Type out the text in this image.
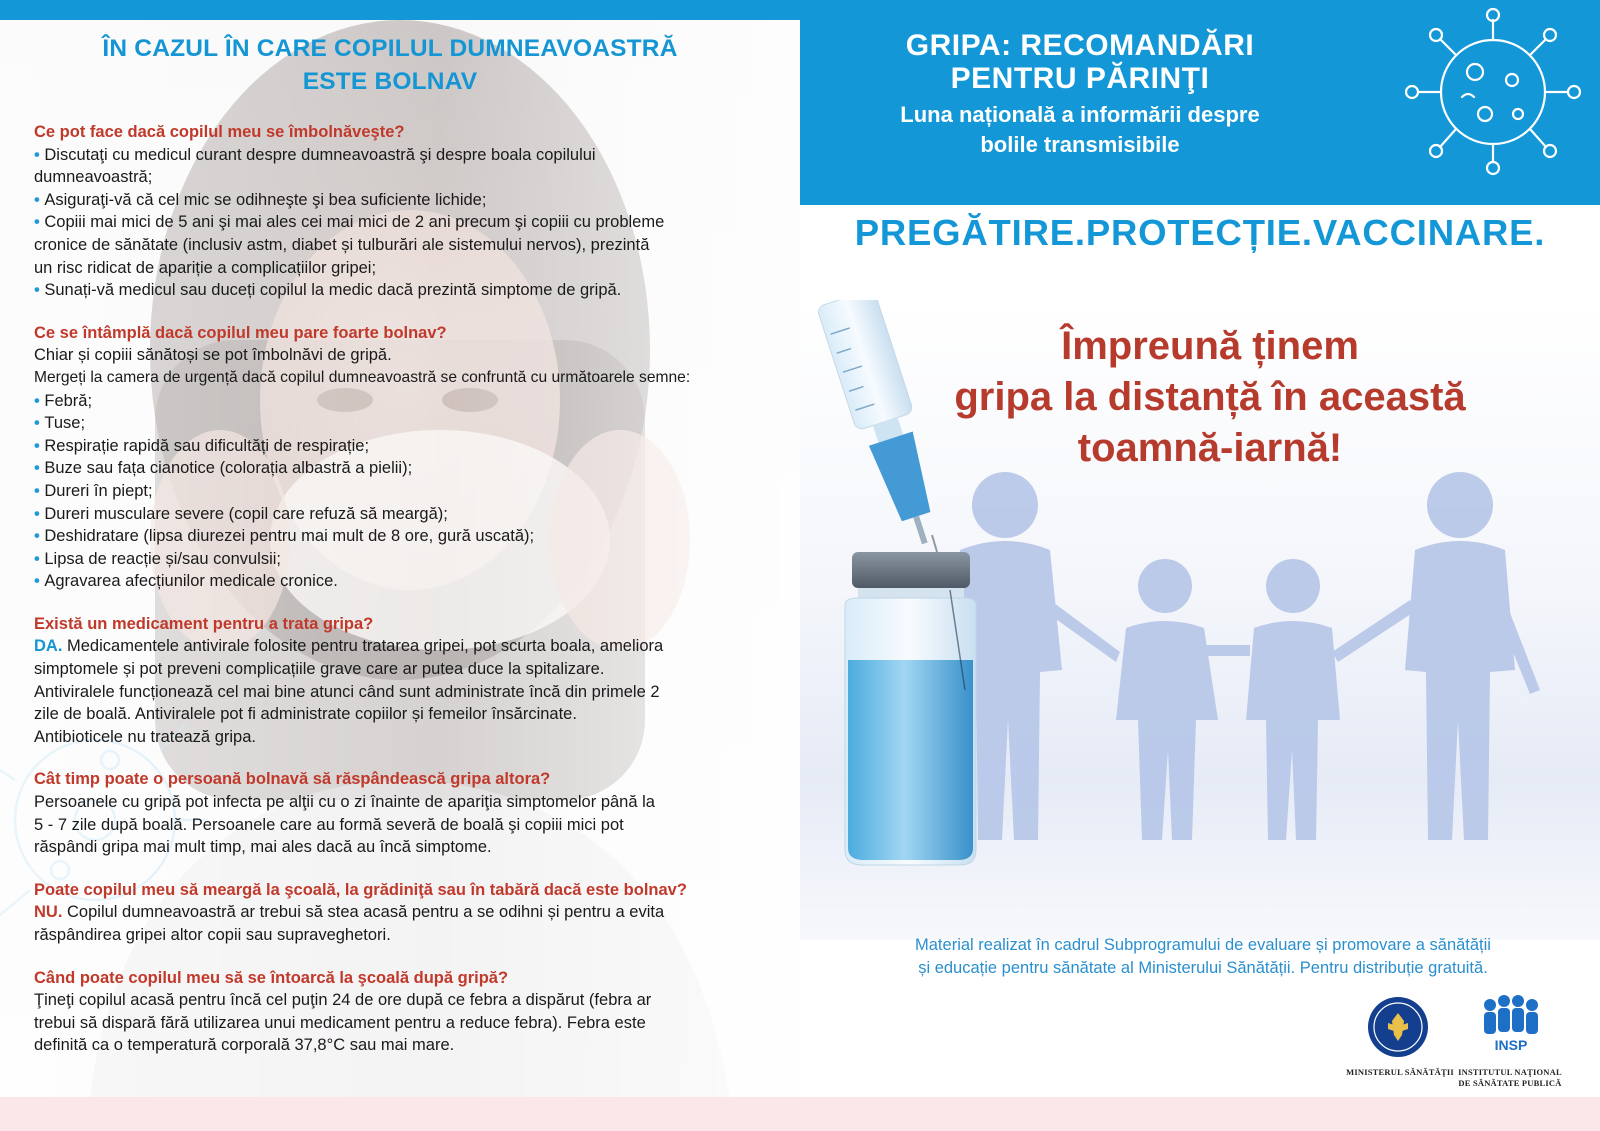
ÎN CAZUL ÎN CARE COPILUL DUMNEAVOASTRĂ
ESTE BOLNAV
Ce pot face dacă copilul meu se îmbolnăveşte?
• Discutaţi cu medicul curant despre dumneavoastră şi despre boala copilului
dumneavoastră;
• Asiguraţi-vă că cel mic se odihneşte şi bea suficiente lichide;
• Copiii mai mici de 5 ani şi mai ales cei mai mici de 2 ani precum şi copiii cu probleme
cronice de sănătate (inclusiv astm, diabet și tulburări ale sistemului nervos), prezintă
un risc ridicat de apariție a complicațiilor gripei;
• Sunați-vă medicul sau duceți copilul la medic dacă prezintă simptome de gripă.
Ce se întâmplă dacă copilul meu pare foarte bolnav?
Chiar și copiii sănătoși se pot îmbolnăvi de gripă.
Mergeți la camera de urgență dacă copilul dumneavoastră se confruntă cu următoarele semne:
• Febră;
• Tuse;
• Respirație rapidă sau dificultăți de respirație;
• Buze sau fața cianotice (colorația albastră a pielii);
• Dureri în piept;
• Dureri musculare severe (copil care refuză să meargă);
• Deshidratare (lipsa diurezei pentru mai mult de 8 ore, gură uscată);
• Lipsa de reacție și/sau convulsii;
• Agravarea afecțiunilor medicale cronice.
Există un medicament pentru a trata gripa?
DA. Medicamentele antivirale folosite pentru tratarea gripei, pot scurta boala, ameliora
simptomele și pot preveni complicațiile grave care ar putea duce la spitalizare.
Antiviralele funcționează cel mai bine atunci când sunt administrate încă din primele 2
zile de boală. Antiviralele pot fi administrate copiilor și femeilor însărcinate.
Antibioticele nu tratează gripa.
Cât timp poate o persoană bolnavă să răspândească gripa altora?
Persoanele cu gripă pot infecta pe alţii cu o zi înainte de apariţia simptomelor până la
5 - 7 zile după boală. Persoanele care au formă severă de boală şi copiii mici pot
răspândi gripa mai mult timp, mai ales dacă au încă simptome.
Poate copilul meu să meargă la şcoală, la grădiniţă sau în tabără dacă este bolnav?
NU. Copilul dumneavoastră ar trebui să stea acasă pentru a se odihni și pentru a evita
răspândirea gripei altor copii sau supraveghetori.
Când poate copilul meu să se întoarcă la şcoală după gripă?
Ţineţi copilul acasă pentru încă cel puţin 24 de ore după ce febra a dispărut (febra ar
trebui să dispară fără utilizarea unui medicament pentru a reduce febra). Febra este
definită ca o temperatură corporală 37,8°C sau mai mare.
GRIPA: RECOMANDĂRI
PENTRU PĂRINŢI
Luna națională a informării despre
bolile transmisibile
PREGĂTIRE.PROTECȚIE.VACCINARE.
Împreună ținem
gripa la distanță în această
toamnă-iarnă!
Material realizat în cadrul Subprogramului de evaluare și promovare a sănătății
și educație pentru sănătate al Ministerului Sănătății. Pentru distribuție gratuită.
MINISTERUL SĂNĂTĂŢII
INSP
INSTITUTUL NAŢIONAL
DE SĂNĂTATE PUBLICĂ
